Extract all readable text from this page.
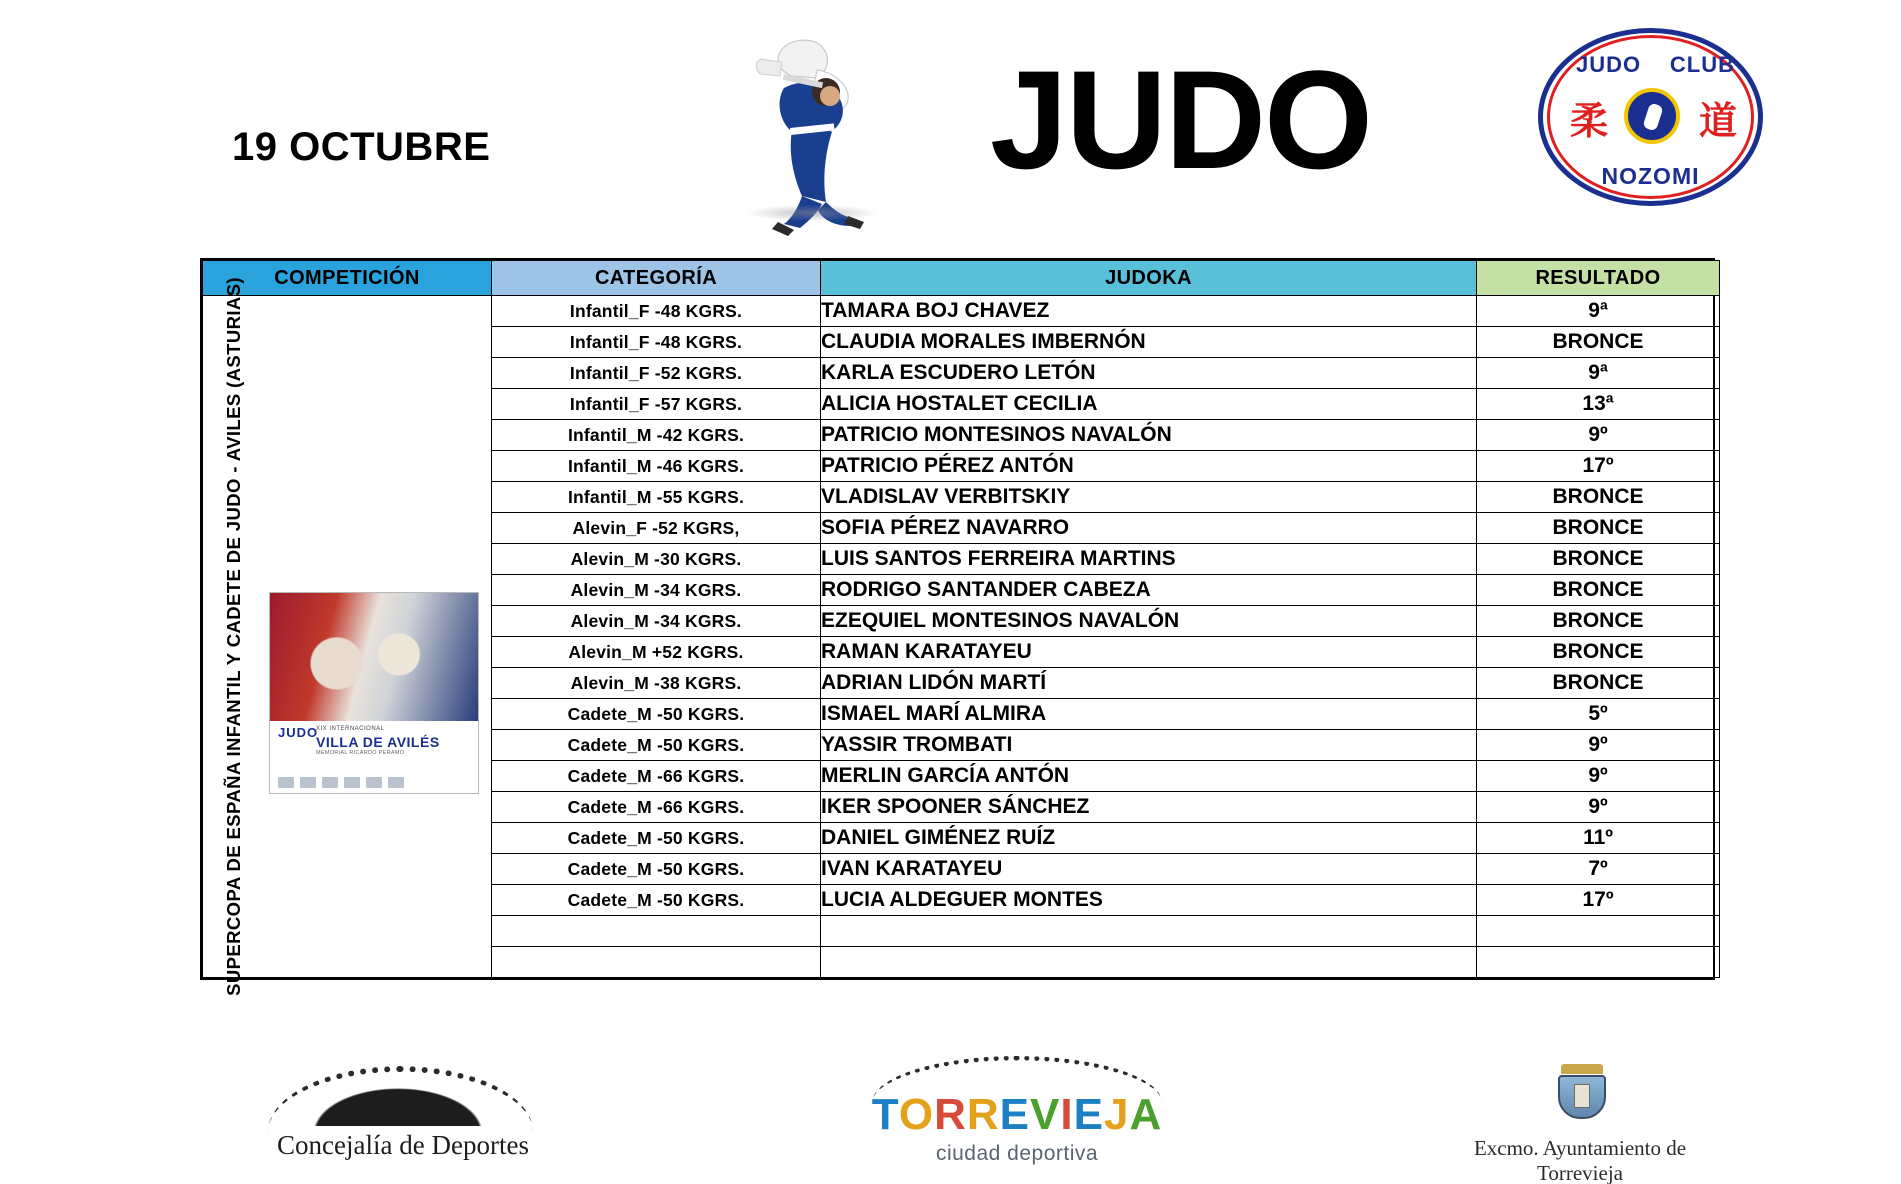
19 OCTUBRE	JUDO	JUDO CLUB
柔 道
NOZOMI
COMPETICIÓN	CATEGORÍA	JUDOKA	RESULTADO

SUPERCOPA DE ESPAÑA INFANTIL Y CADETE DE JUDO - AVILES (ASTURIAS) JUDO
XIX INTERNACIONAL
VILLA DE AVILÉS
MEMORIAL RICARDO PERAMO	Infantil_F -48 KGRS.	TAMARA BOJ CHAVEZ	9ª
	Infantil_F -48 KGRS.	CLAUDIA MORALES IMBERNÓN	BRONCE
	Infantil_F -52 KGRS.	KARLA ESCUDERO LETÓN	9ª
	Infantil_F -57 KGRS.	ALICIA HOSTALET CECILIA	13ª
	Infantil_M -42 KGRS.	PATRICIO MONTESINOS NAVALÓN	9º
	Infantil_M -46 KGRS.	PATRICIO PÉREZ ANTÓN	17º
	Infantil_M -55 KGRS.	VLADISLAV VERBITSKIY	BRONCE
	Alevin_F -52 KGRS,	SOFIA PÉREZ NAVARRO	BRONCE
	Alevin_M -30 KGRS.	LUIS SANTOS FERREIRA MARTINS	BRONCE
	Alevin_M -34 KGRS.	RODRIGO SANTANDER CABEZA	BRONCE
	Alevin_M -34 KGRS.	EZEQUIEL MONTESINOS NAVALÓN	BRONCE
	Alevin_M +52 KGRS.	RAMAN KARATAYEU	BRONCE
	Alevin_M -38 KGRS.	ADRIAN LIDÓN MARTÍ	BRONCE
	Cadete_M -50 KGRS.	ISMAEL MARÍ ALMIRA	5º
	Cadete_M -50 KGRS.	YASSIR TROMBATI	9º
	Cadete_M -66 KGRS.	MERLIN GARCÍA ANTÓN	9º
	Cadete_M -66 KGRS.	IKER SPOONER SÁNCHEZ	9º
	Cadete_M -50 KGRS.	DANIEL GIMÉNEZ RUÍZ	11º
	Cadete_M -50 KGRS.	IVAN KARATAYEU	7º
	Cadete_M -50 KGRS.	LUCIA ALDEGUER MONTES	17º

Concejalía de Deportes
TORREVIEJA
ciudad deportiva	Excmo. Ayuntamiento de Torrevieja
